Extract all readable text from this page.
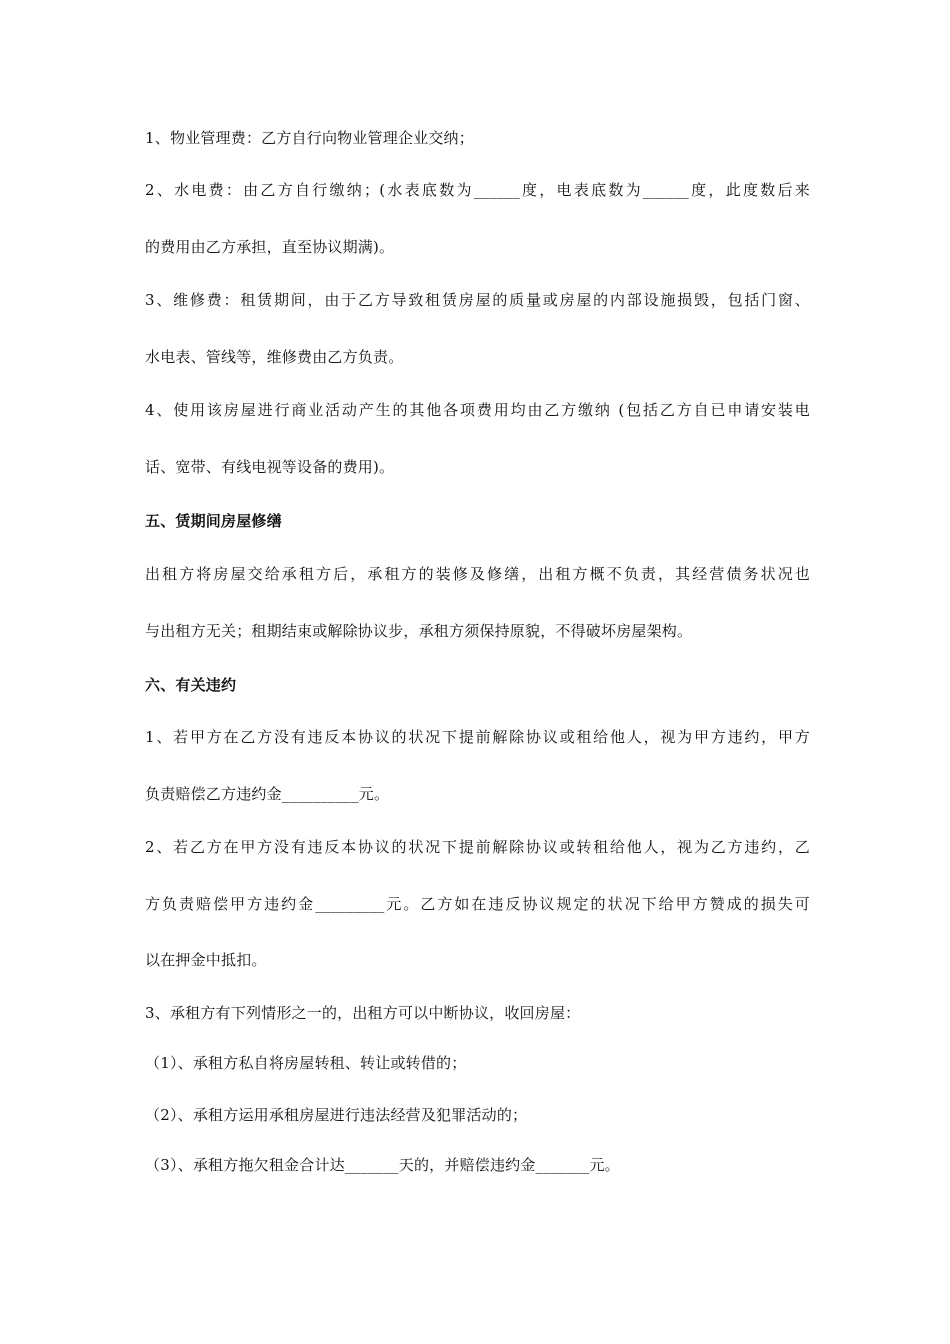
1、物业管理费：乙方自行向物业管理企业交纳；
2、水电费：由乙方自行缴纳；(水表底数为______度，电表底数为______度，此度数后来
的费用由乙方承担，直至协议期满)。
3、维修费：租赁期间，由于乙方导致租赁房屋的质量或房屋的内部设施损毁，包括门窗、
水电表、管线等，维修费由乙方负责。
4、使用该房屋进行商业活动产生的其他各项费用均由乙方缴纳 (包括乙方自已申请安装电
话、宽带、有线电视等设备的费用)。
五、赁期间房屋修缮
出租方将房屋交给承租方后，承租方的装修及修缮，出租方概不负责，其经营债务状况也
与出租方无关；租期结束或解除协议步，承租方须保持原貌，不得破坏房屋架构。
六、有关违约
1、若甲方在乙方没有违反本协议的状况下提前解除协议或租给他人，视为甲方违约，甲方
负责赔偿乙方违约金__________元。
2、若乙方在甲方没有违反本协议的状况下提前解除协议或转租给他人，视为乙方违约，乙
方负责赔偿甲方违约金_________元。乙方如在违反协议规定的状况下给甲方赞成的损失可
以在押金中抵扣。
3、承租方有下列情形之一的，出租方可以中断协议，收回房屋：
（1）、承租方私自将房屋转租、转让或转借的；
（2）、承租方运用承租房屋进行违法经营及犯罪活动的；
（3）、承租方拖欠租金合计达_______天的，并赔偿违约金_______元。
